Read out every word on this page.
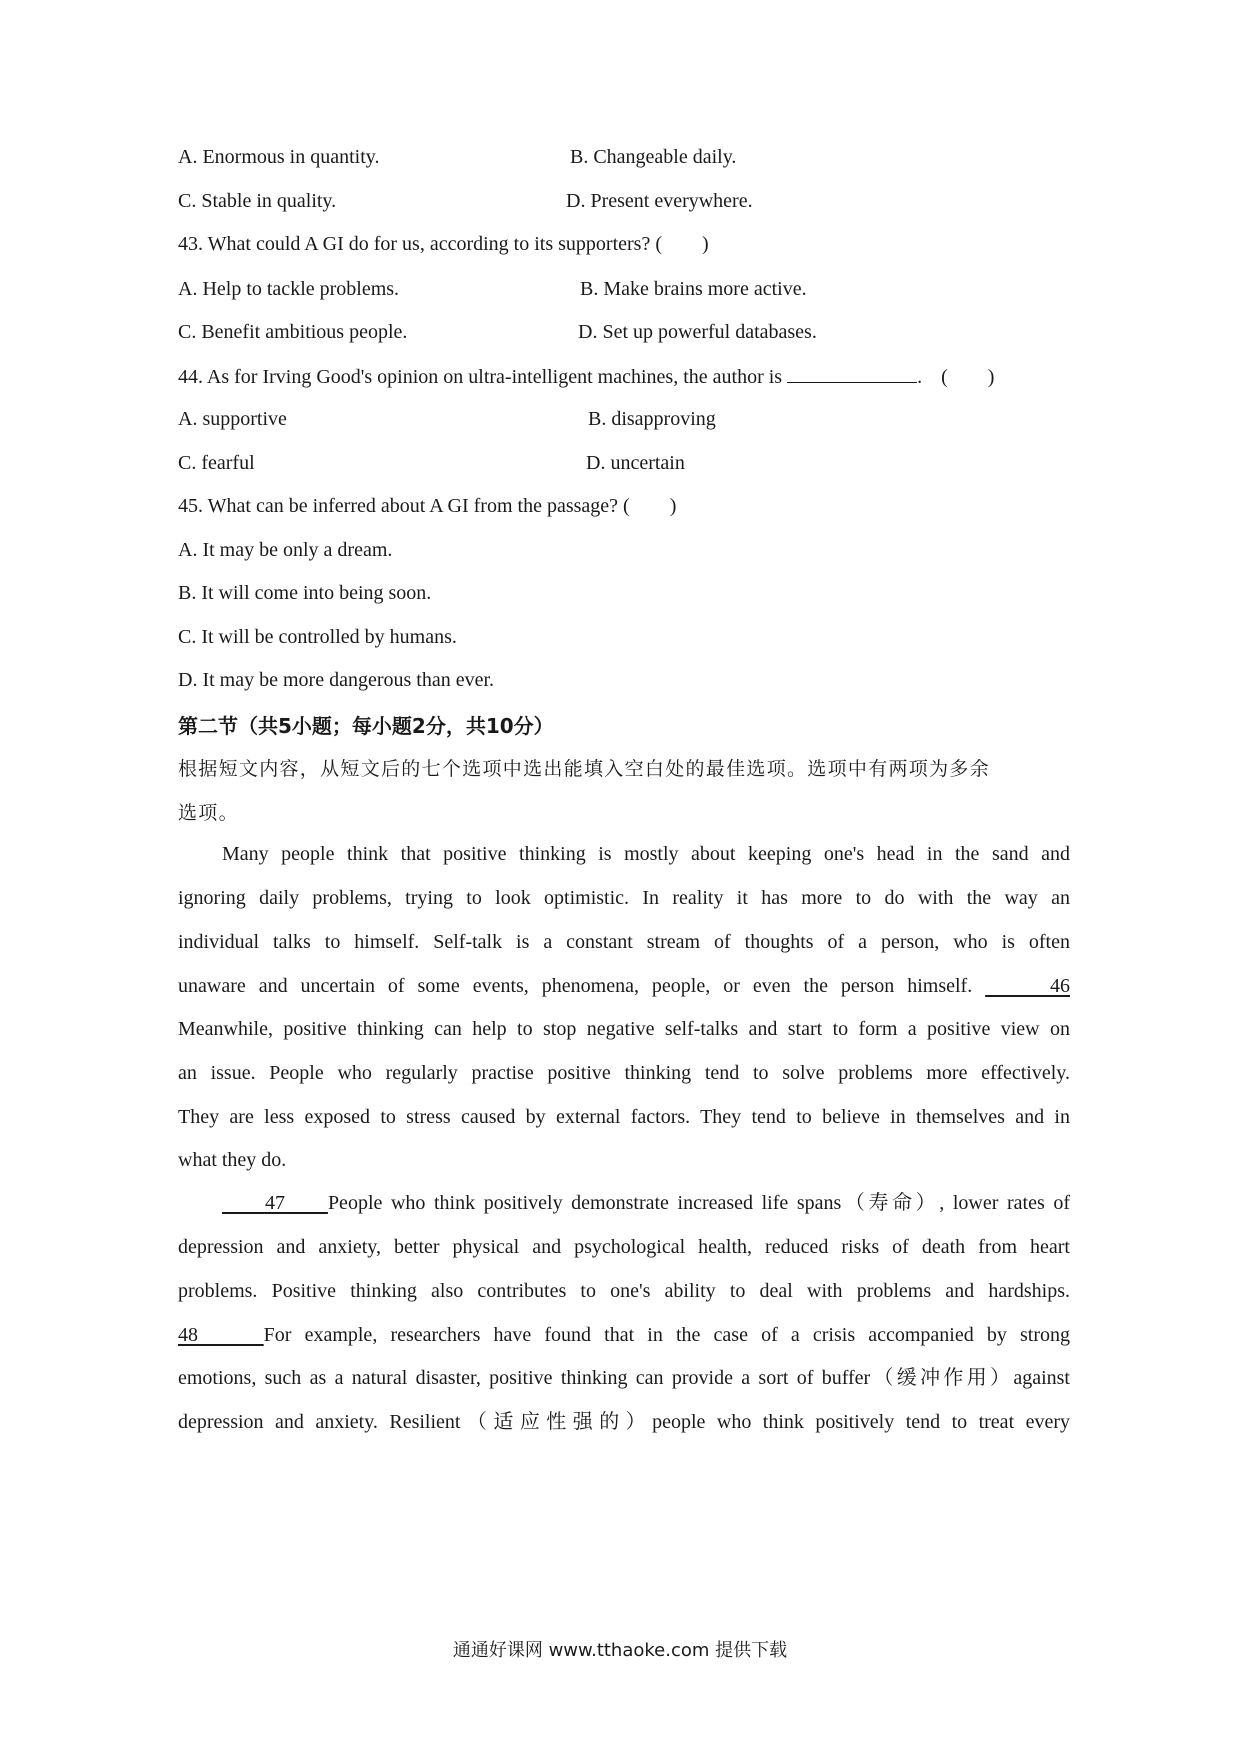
A. Enormous in quantity.	B. Changeable daily.
C. Stable in quality.	D. Present everywhere.
43. What could A GI do for us, according to its supporters? (　　)
A. Help to tackle problems.	B. Make brains more active.
C. Benefit ambitious people.	D. Set up powerful databases.
44. As for Irving Good's opinion on ultra-intelligent machines, the author is	. (　　)
A. supportive	B. disapproving
C. fearful	D. uncertain
45. What can be inferred about A GI from the passage? (　　)
A. It may be only a dream.
B. It will come into being soon.
C. It will be controlled by humans.
D. It may be more dangerous than ever.
第二节（共5小题；每小题2分，共10分）
根据短文内容，从短文后的七个选项中选出能填入空白处的最佳选项。选项中有两项为多余
选项。
Many people think that positive thinking is mostly about keeping one's head in the sand and
ignoring daily problems, trying to look optimistic. In reality it has more to do with the way an
individual talks to himself. Self-talk is a constant stream of thoughts of a person, who is often
unaware and uncertain of some events, phenomena, people, or even the person himself.	46
Meanwhile, positive thinking can help to stop negative self-talks and start to form a positive view on
an issue. People who regularly practise positive thinking tend to solve problems more effectively.
They are less exposed to stress caused by external factors. They tend to believe in themselves and in
what they do.
47 People who think positively demonstrate increased life spans（寿命）, lower rates of
depression and anxiety, better physical and psychological health, reduced risks of death from heart
problems. Positive thinking also contributes to one's ability to deal with problems and hardships.
48	For example, researchers have found that in the case of a crisis accompanied by strong
emotions, such as a natural disaster, positive thinking can provide a sort of buffer（缓冲作用）against
depression and anxiety. Resilient（适应性强的）people who think positively tend to treat every
通通好课网 www.tthaoke.com 提供下载
